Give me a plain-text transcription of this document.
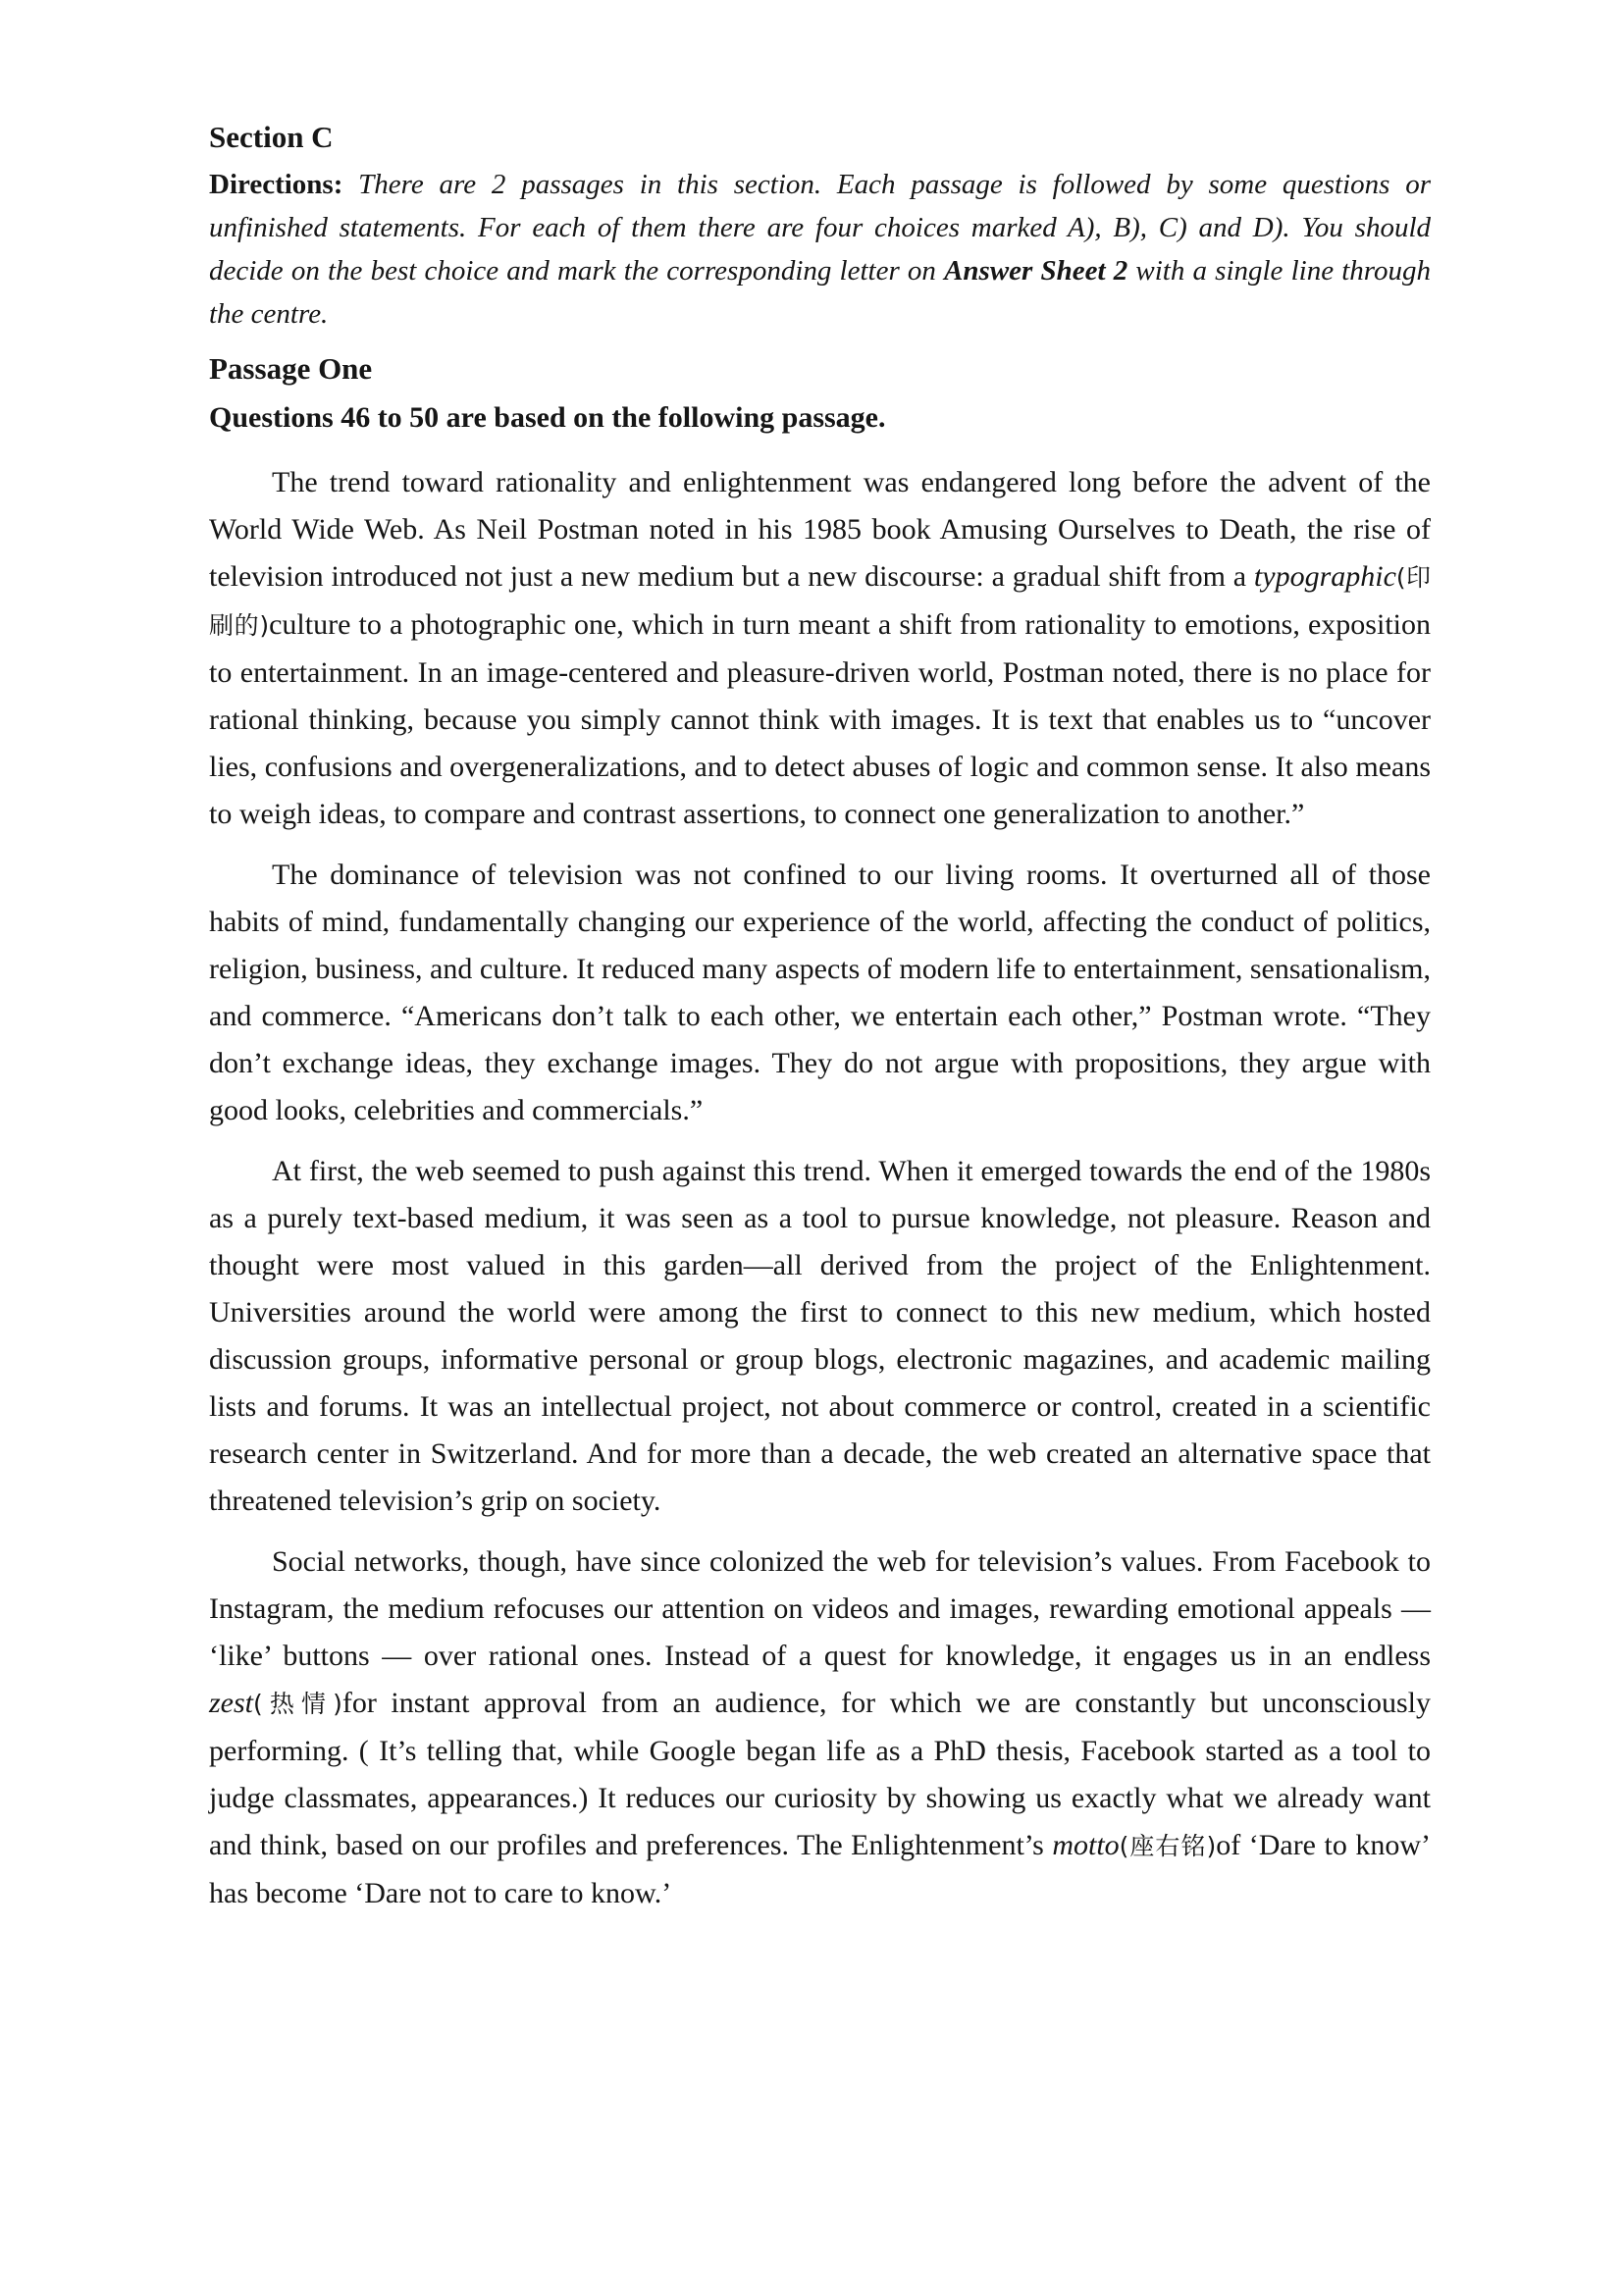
Section C

Directions: There are 2 passages in this section. Each passage is followed by some questions or unfinished statements. For each of them there are four choices marked A), B), C) and D). You should decide on the best choice and mark the corresponding letter on Answer Sheet 2 with a single line through the centre.

Passage One
Questions 46 to 50 are based on the following passage.

The trend toward rationality and enlightenment was endangered long before the advent of the World Wide Web. As Neil Postman noted in his 1985 book Amusing Ourselves to Death, the rise of television introduced not just a new medium but a new discourse: a gradual shift from a typographic(印刷的)culture to a photographic one, which in turn meant a shift from rationality to emotions, exposition to entertainment. In an image-centered and pleasure-driven world, Postman noted, there is no place for rational thinking, because you simply cannot think with images. It is text that enables us to “uncover lies, confusions and overgeneralizations, and to detect abuses of logic and common sense. It also means to weigh ideas, to compare and contrast assertions, to connect one generalization to another.”

The dominance of television was not confined to our living rooms. It overturned all of those habits of mind, fundamentally changing our experience of the world, affecting the conduct of politics, religion, business, and culture. It reduced many aspects of modern life to entertainment, sensationalism, and commerce. “Americans don’t talk to each other, we entertain each other,” Postman wrote. “They don’t exchange ideas, they exchange images. They do not argue with propositions, they argue with good looks, celebrities and commercials.”

At first, the web seemed to push against this trend. When it emerged towards the end of the 1980s as a purely text-based medium, it was seen as a tool to pursue knowledge, not pleasure. Reason and thought were most valued in this garden—all derived from the project of the Enlightenment. Universities around the world were among the first to connect to this new medium, which hosted discussion groups, informative personal or group blogs, electronic magazines, and academic mailing lists and forums. It was an intellectual project, not about commerce or control, created in a scientific research center in Switzerland. And for more than a decade, the web created an alternative space that threatened television’s grip on society.

Social networks, though, have since colonized the web for television’s values. From Facebook to Instagram, the medium refocuses our attention on videos and images, rewarding emotional appeals — ‘like’ buttons — over rational ones. Instead of a quest for knowledge, it engages us in an endless zest(热情)for instant approval from an audience, for which we are constantly but unconsciously performing. ( It’s telling that, while Google began life as a PhD thesis, Facebook started as a tool to judge classmates, appearances.) It reduces our curiosity by showing us exactly what we already want and think, based on our profiles and preferences. The Enlightenment’s motto(座右铭)of ‘Dare to know’ has become ‘Dare not to care to know.’
